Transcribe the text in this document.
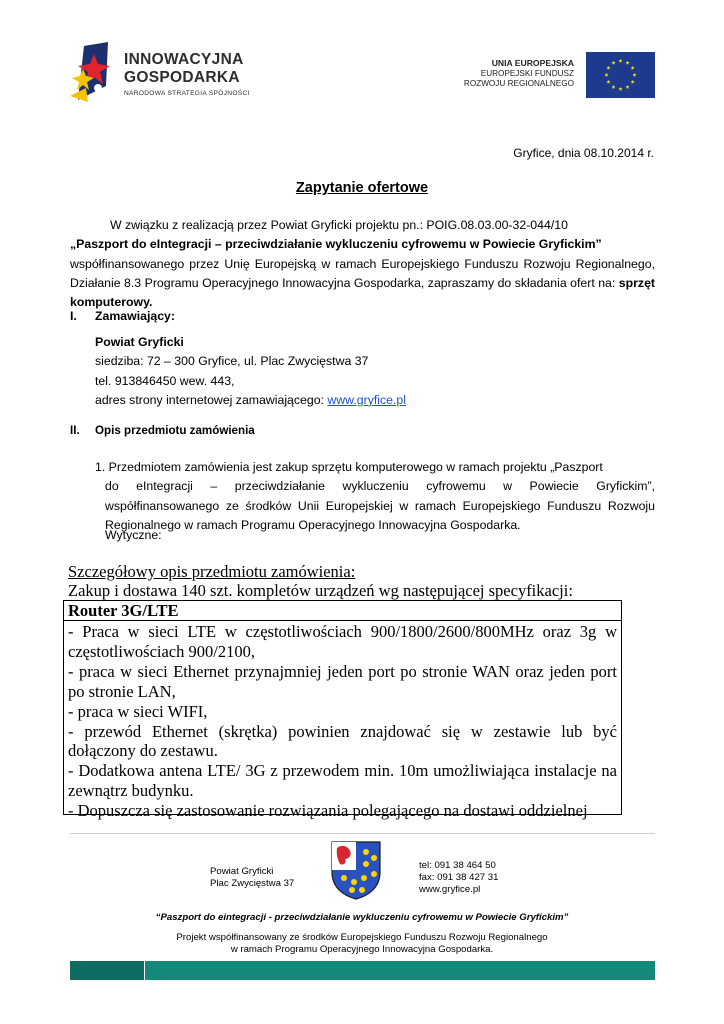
INNOWACYJNA
GOSPODARKA
NARODOWA STRATEGIA SPÓJNOŚCI
UNIA EUROPEJSKA
EUROPEJSKI FUNDUSZ
ROZWOJU REGIONALNEGO
Gryfice, dnia 08.10.2014 r.
Zapytanie ofertowe
W związku z realizacją przez Powiat Gryficki projektu pn.: POIG.08.03.00-32-044/10
„Paszport do eIntegracji – przeciwdziałanie wykluczeniu cyfrowemu w Powiecie Gryfickim”
współfinansowanego przez Unię Europejską w ramach Europejskiego Funduszu Rozwoju Regionalnego, Działanie 8.3 Programu Operacyjnego Innowacyjna Gospodarka, zapraszamy do składania ofert na: sprzęt komputerowy.
I. Zamawiający:
Powiat Gryficki
siedziba: 72 – 300 Gryfice, ul. Plac Zwycięstwa 37
tel. 913846450 wew. 443,
adres strony internetowej zamawiającego: www.gryfice.pl
II. Opis przedmiotu zamówienia
1. Przedmiotem zamówienia jest zakup sprzętu komputerowego w ramach projektu „Paszport
do eIntegracji – przeciwdziałanie wykluczeniu cyfrowemu w Powiecie Gryfickim”, współfinansowanego ze środków Unii Europejskiej w ramach Europejskiego Funduszu Rozwoju Regionalnego w ramach Programu Operacyjnego Innowacyjna Gospodarka.
Wytyczne:
Szczegółowy opis przedmiotu zamówienia:
Zakup i dostawa 140 szt. kompletów urządzeń wg następującej specyfikacji:
Router 3G/LTE
- Praca w sieci LTE w częstotliwościach 900/1800/2600/800MHz oraz 3g w częstotliwościach 900/2100,
- praca w sieci Ethernet przynajmniej jeden port po stronie WAN oraz jeden port po stronie LAN,
- praca w sieci WIFI,
- przewód Ethernet (skrętka) powinien znajdować się w zestawie lub być dołączony do zestawu.
- Dodatkowa antena LTE/ 3G z przewodem min. 10m umożliwiająca instalacje na zewnątrz budynku.
- Dopuszcza się zastosowanie rozwiązania polegającego na dostawi oddzielnej
Powiat Gryficki
Plac Zwycięstwa 37
tel: 091 38 464 50
fax: 091 38 427 31
www.gryfice.pl
“Paszport do eintegracji - przeciwdziałanie wykluczeniu cyfrowemu w Powiecie Gryfickim”
Projekt współfinansowany ze środków Europejskiego Funduszu Rozwoju Regionalnego
w ramach Programu Operacyjnego Innowacyjna Gospodarka.
